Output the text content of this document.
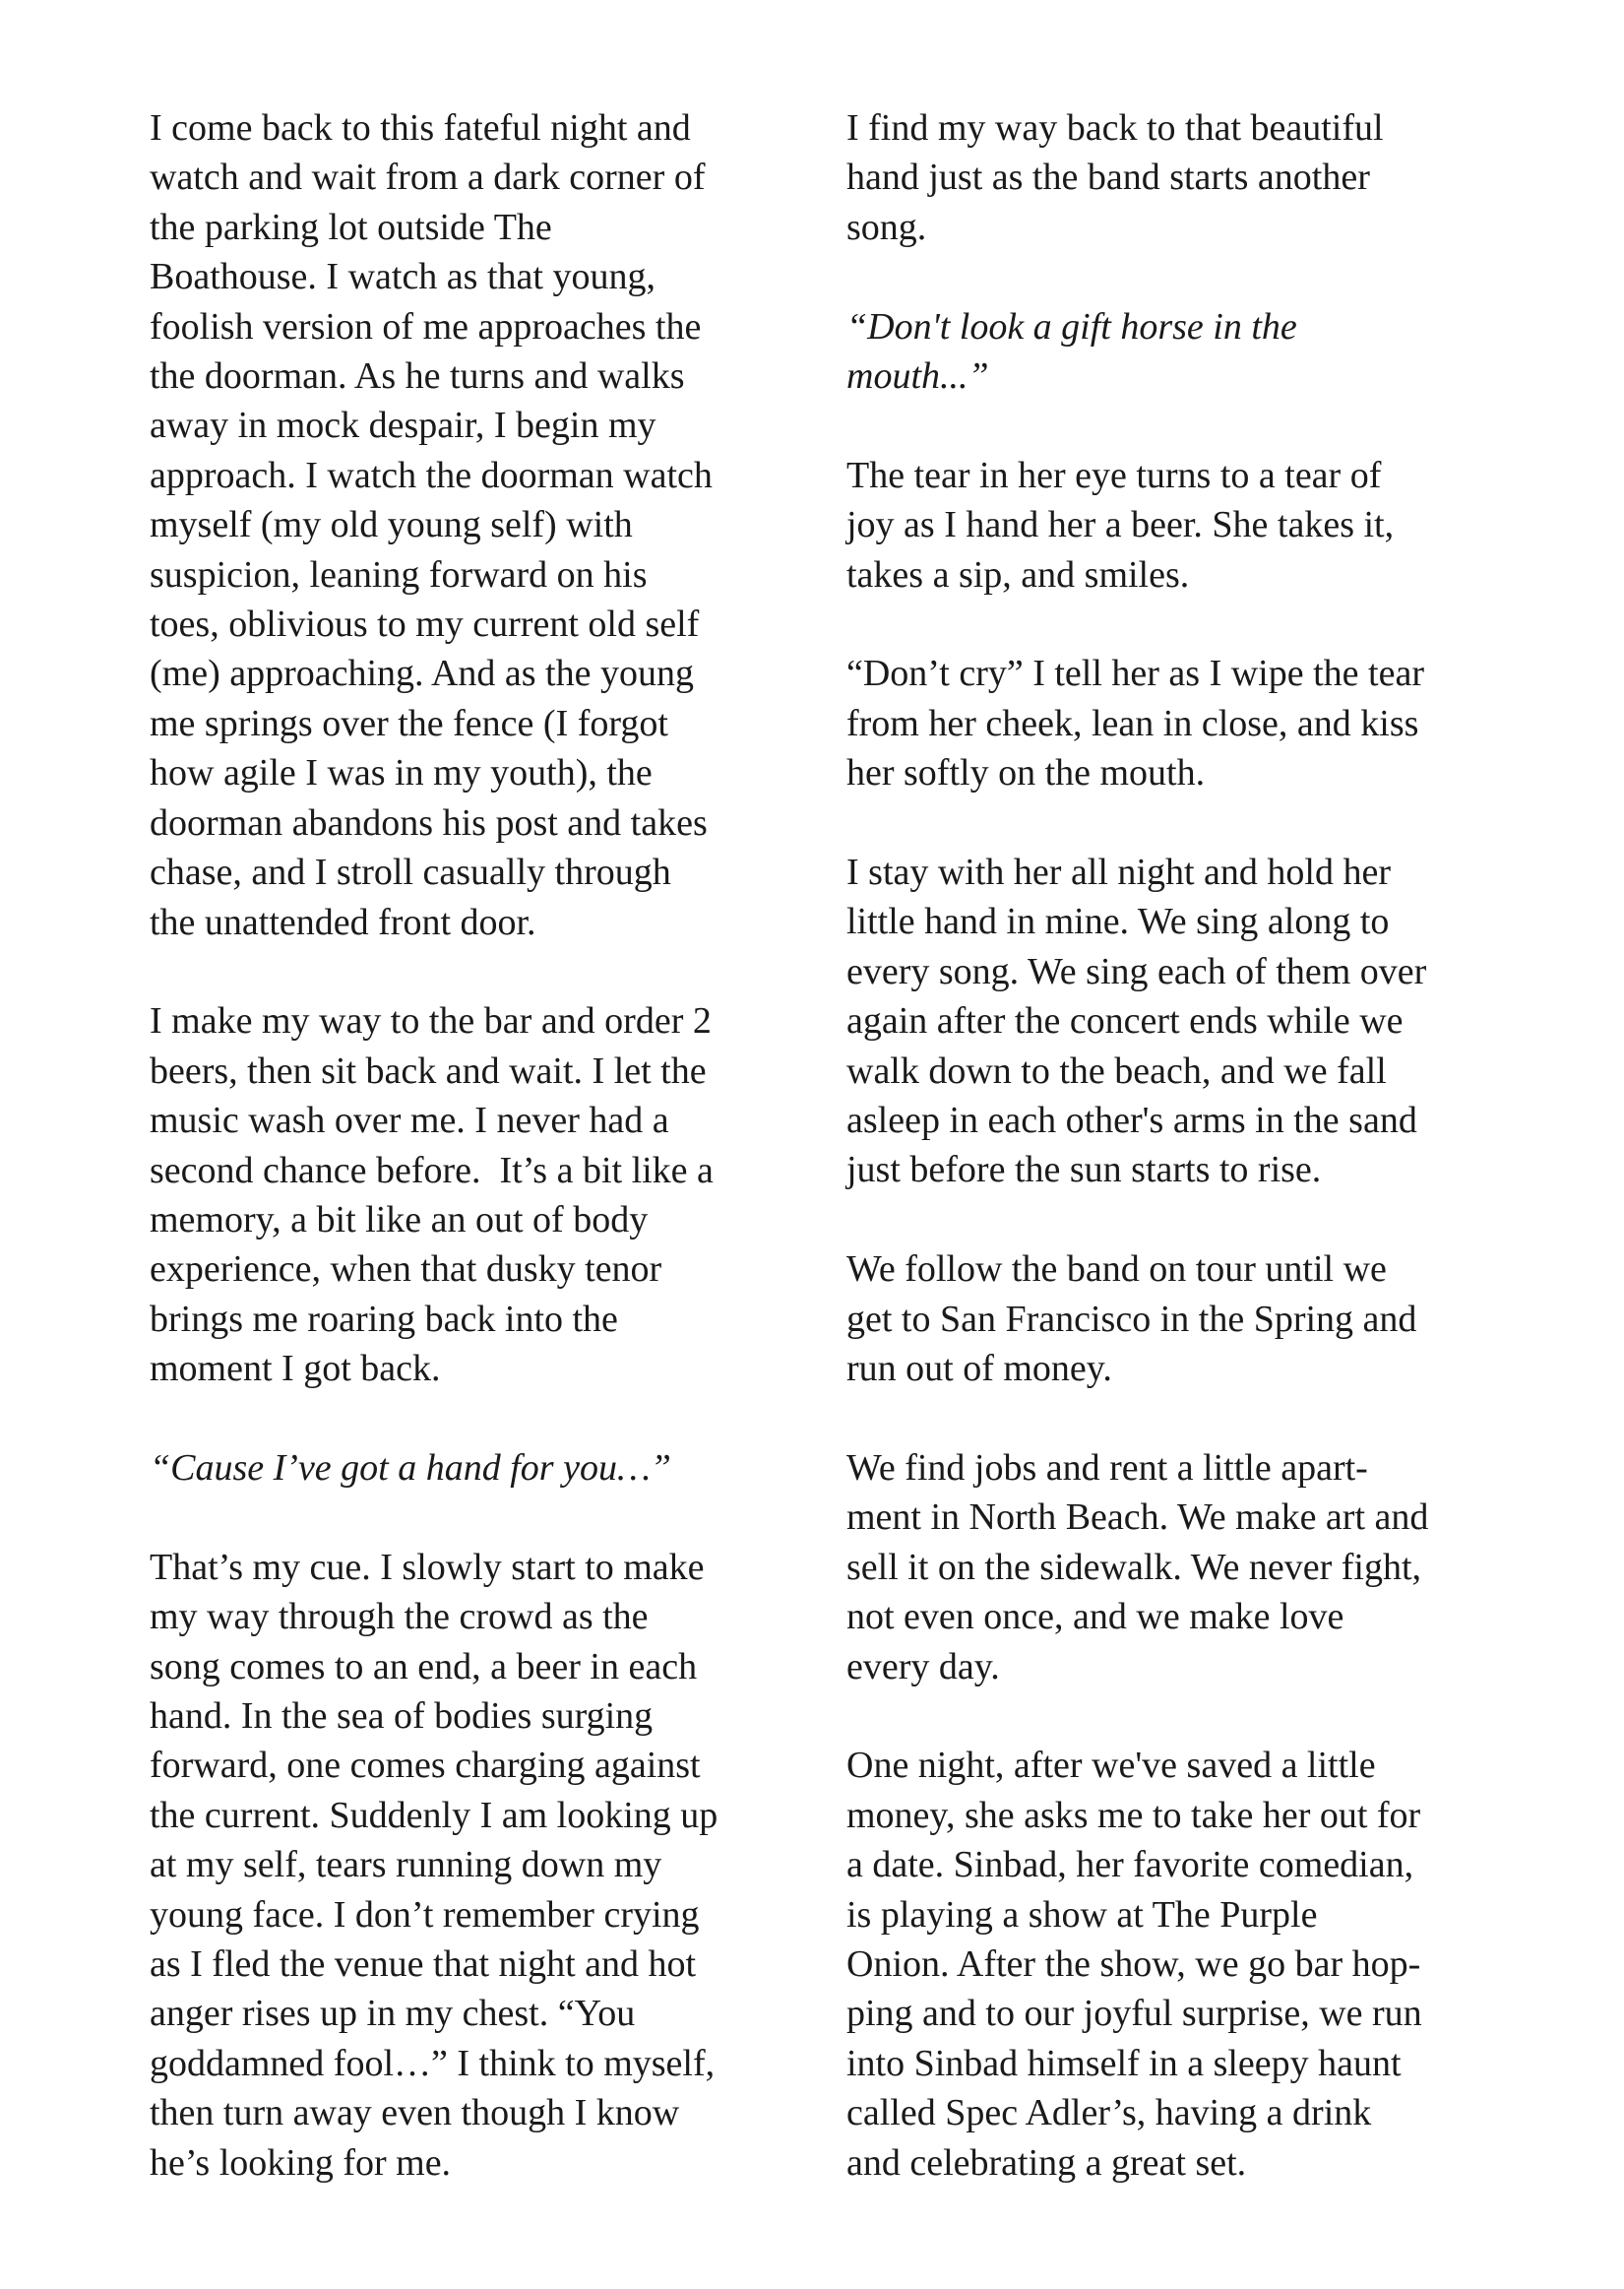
I come back to this fateful night and
watch and wait from a dark corner of
the parking lot outside The
Boathouse. I watch as that young,
foolish version of me approaches the
the doorman. As he turns and walks
away in mock despair, I begin my
approach. I watch the doorman watch
myself (my old young self) with
suspicion, leaning forward on his
toes, oblivious to my current old self
(me) approaching. And as the young
me springs over the fence (I forgot
how agile I was in my youth), the
doorman abandons his post and takes
chase, and I stroll casually through
the unattended front door.

I make my way to the bar and order 2
beers, then sit back and wait. I let the
music wash over me. I never had a
second chance before.  It’s a bit like a
memory, a bit like an out of body
experience, when that dusky tenor
brings me roaring back into the
moment I got back.

“Cause I’ve got a hand for you…”

That’s my cue. I slowly start to make
my way through the crowd as the
song comes to an end, a beer in each
hand. In the sea of bodies surging
forward, one comes charging against
the current. Suddenly I am looking up
at my self, tears running down my
young face. I don’t remember crying
as I fled the venue that night and hot
anger rises up in my chest. “You
goddamned fool…” I think to myself,
then turn away even though I know
he’s looking for me.

I find my way back to that beautiful
hand just as the band starts another
song.

“Don't look a gift horse in the
mouth...”

The tear in her eye turns to a tear of
joy as I hand her a beer. She takes it,
takes a sip, and smiles.

“Don’t cry” I tell her as I wipe the tear
from her cheek, lean in close, and kiss
her softly on the mouth.

I stay with her all night and hold her
little hand in mine. We sing along to
every song. We sing each of them over
again after the concert ends while we
walk down to the beach, and we fall
asleep in each other's arms in the sand
just before the sun starts to rise.

We follow the band on tour until we
get to San Francisco in the Spring and
run out of money.

We find jobs and rent a little apart-
ment in North Beach. We make art and
sell it on the sidewalk. We never fight,
not even once, and we make love
every day.

One night, after we've saved a little
money, she asks me to take her out for
a date. Sinbad, her favorite comedian,
is playing a show at The Purple
Onion. After the show, we go bar hop-
ping and to our joyful surprise, we run
into Sinbad himself in a sleepy haunt
called Spec Adler’s, having a drink
and celebrating a great set.
